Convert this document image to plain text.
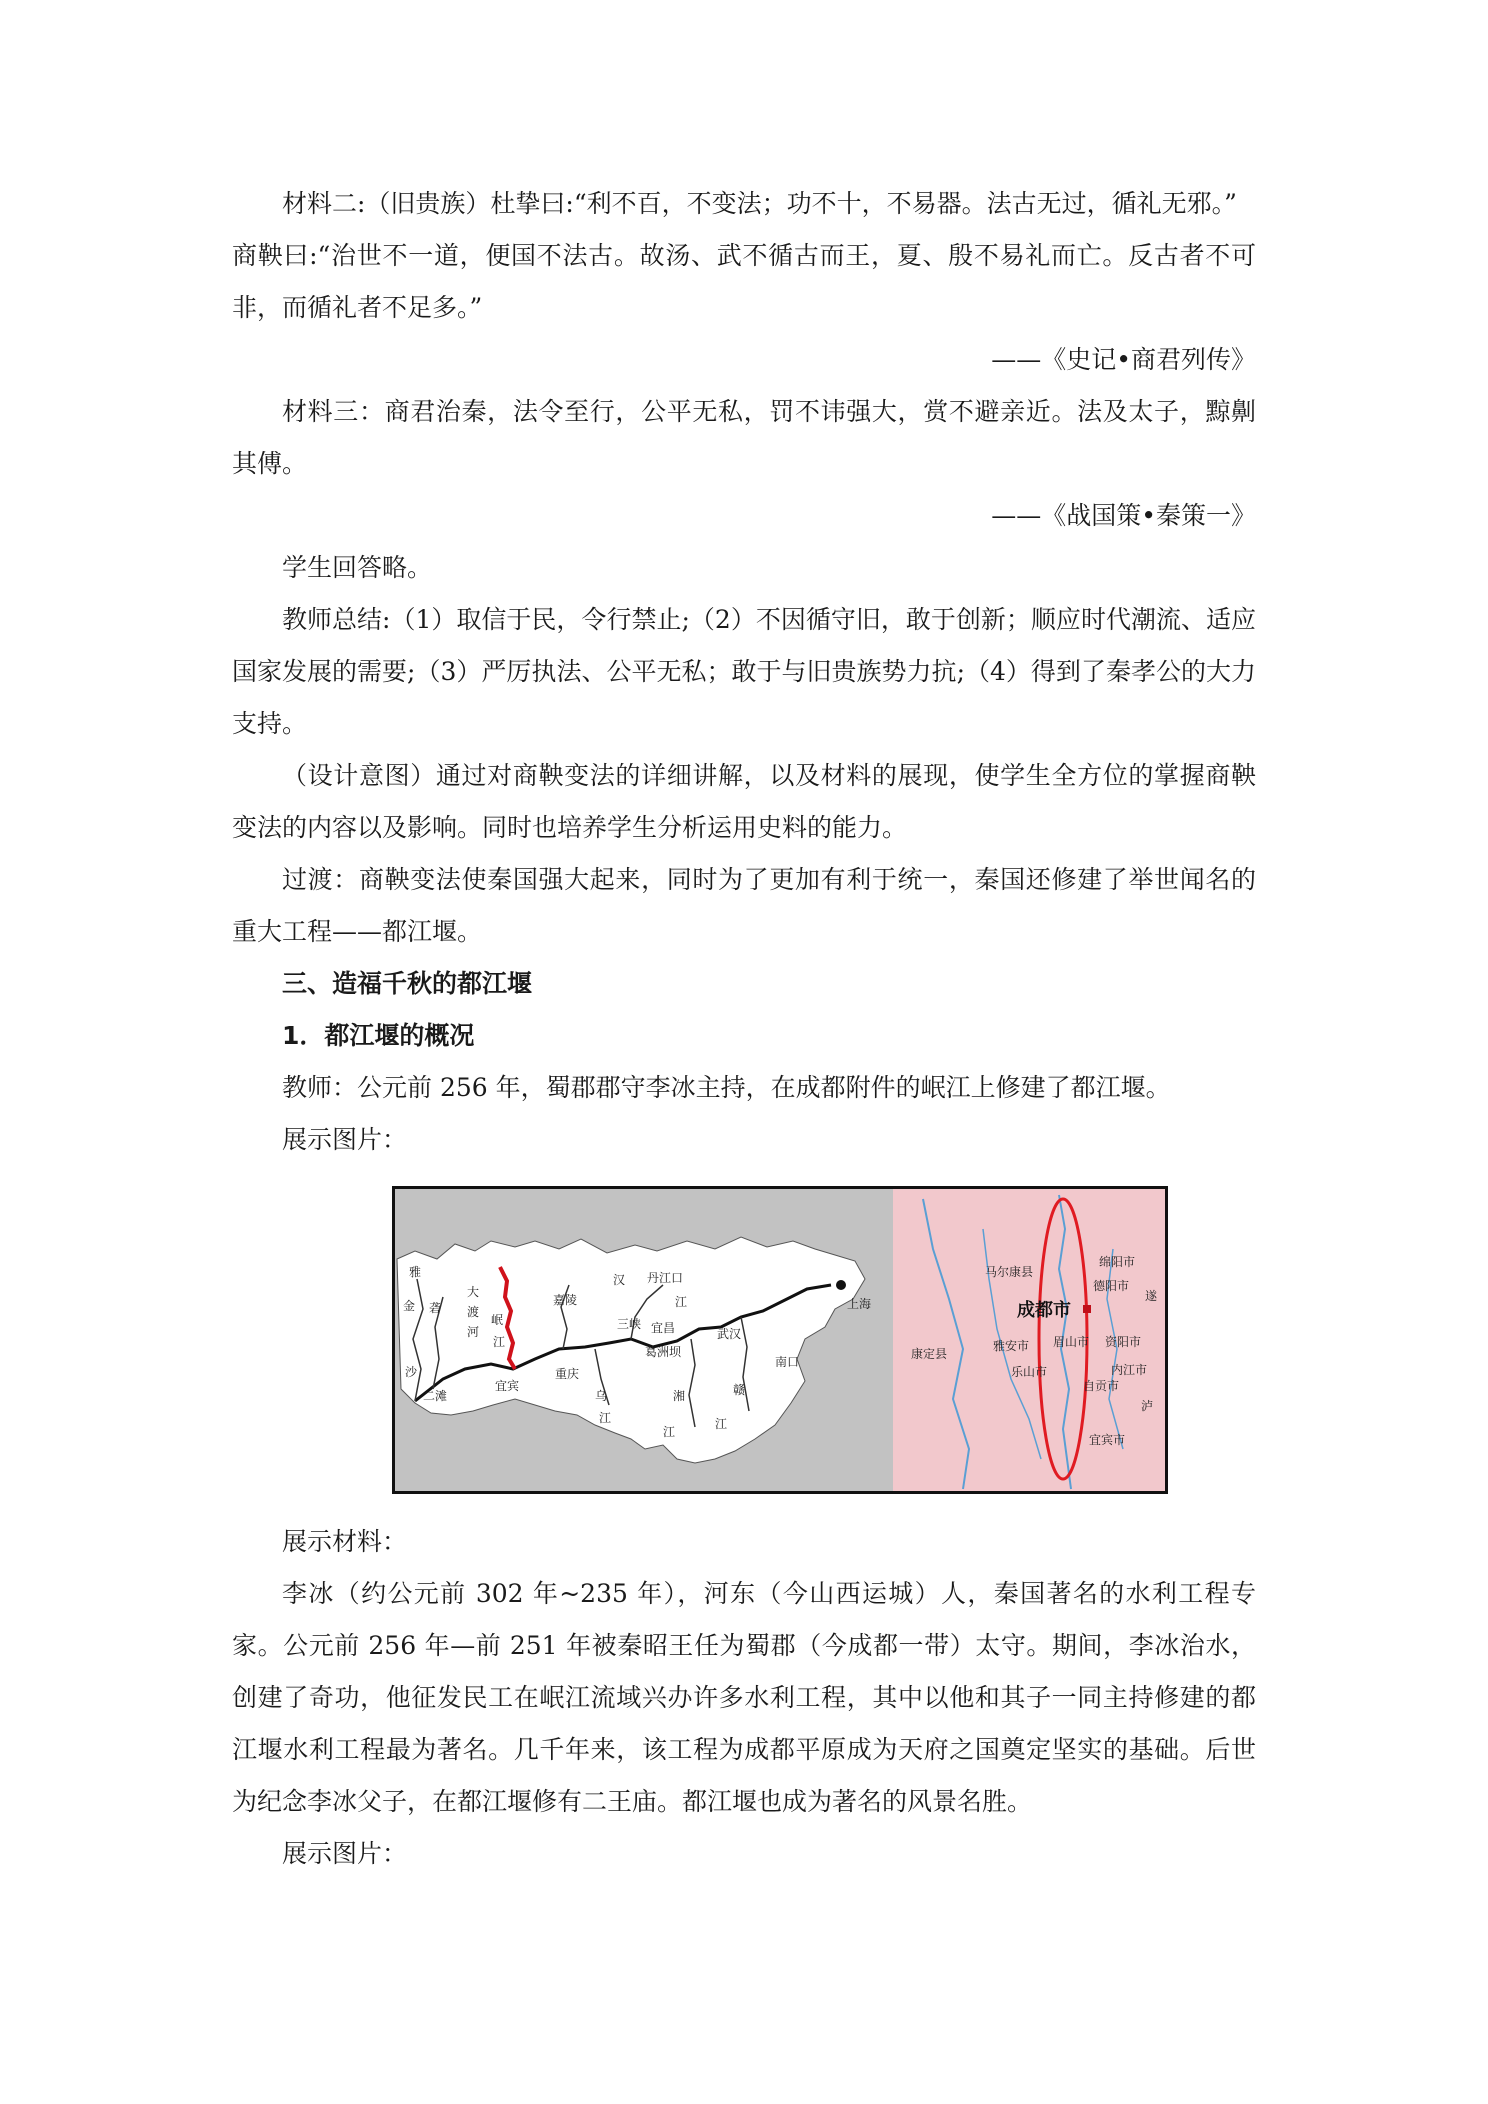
材料二:（旧贵族）杜挚曰:“利不百，不变法；功不十，不易器。法古无过，循礼无邪。”

商鞅曰:“治世不一道，便国不法古。故汤、武不循古而王，夏、殷不易礼而亡。反古者不可非，而循礼者不足多。”

——《史记•商君列传》

材料三：商君治秦，法令至行，公平无私，罚不讳强大，赏不避亲近。法及太子，黥劓其傅。

——《战国策•秦策一》

学生回答略。

教师总结:（1）取信于民，令行禁止;（2）不因循守旧，敢于创新；顺应时代潮流、适应国家发展的需要;（3）严厉执法、公平无私；敢于与旧贵族势力抗;（4）得到了秦孝公的大力支持。

（设计意图）通过对商鞅变法的详细讲解，以及材料的展现，使学生全方位的掌握商鞅变法的内容以及影响。同时也培养学生分析运用史料的能力。

过渡：商鞅变法使秦国强大起来，同时为了更加有利于统一，秦国还修建了举世闻名的重大工程——都江堰。

三、造福千秋的都江堰
1．都江堰的概况

教师：公元前 256 年，蜀郡郡守李冰主持，在成都附件的岷江上修建了都江堰。

展示图片：

雅
金 砻
大
渡
河
岷
江
沙
二滩
宜宾
重庆
嘉陵
汉 丹江口
江
三峡 宜昌
葛洲坝
武汉
湘	赣
江
江
南口
上海
乌
江
马尔康县
绵阳市
德阳市
成都市
雅安市 眉山市 资阳市
康定县
乐山市
自贡市
内江市
泸
遂
宜宾市

展示材料：

李冰（约公元前 302 年~235 年），河东（今山西运城）人，秦国著名的水利工程专家。公元前 256 年—前 251 年被秦昭王任为蜀郡（今成都一带）太守。期间，李冰治水，创建了奇功，他征发民工在岷江流域兴办许多水利工程，其中以他和其子一同主持修建的都江堰水利工程最为著名。几千年来，该工程为成都平原成为天府之国奠定坚实的基础。后世为纪念李冰父子，在都江堰修有二王庙。都江堰也成为著名的风景名胜。

展示图片：
